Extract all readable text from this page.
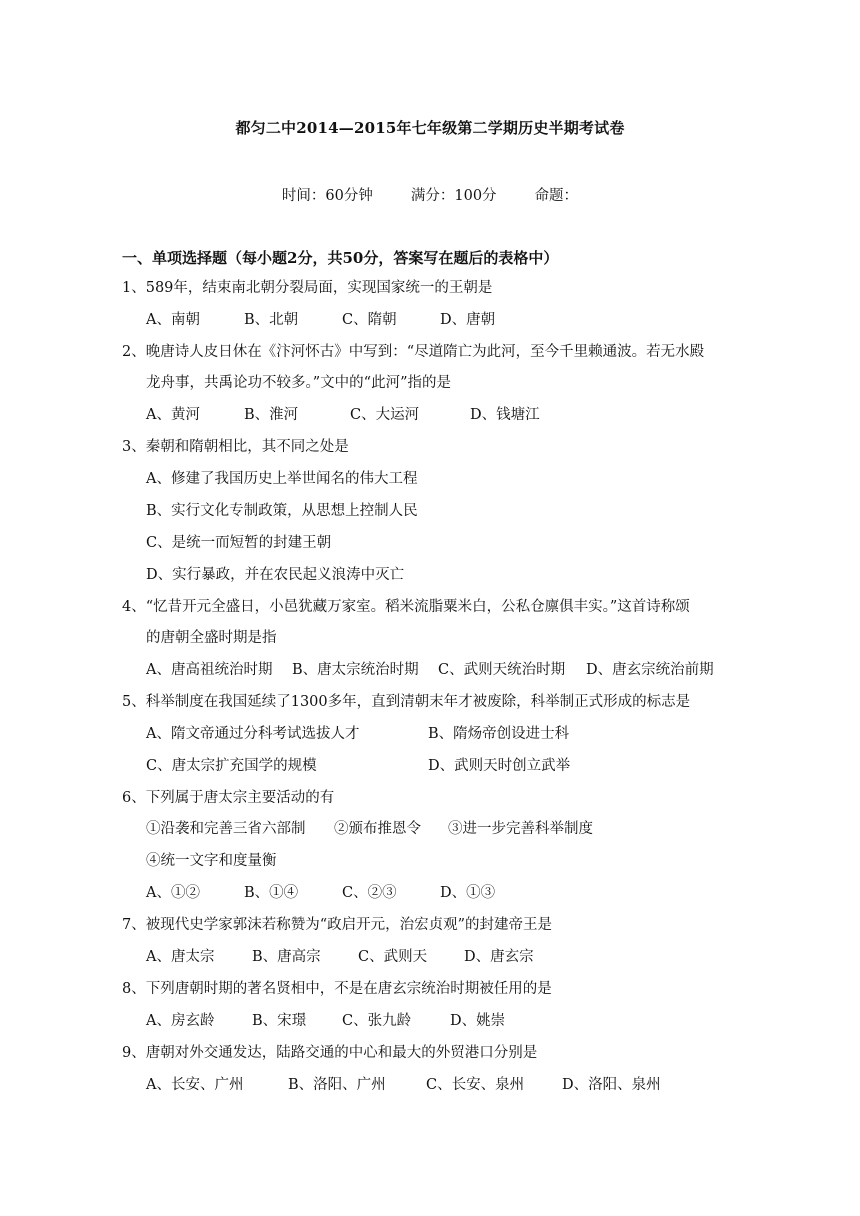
都匀二中2014—2015年七年级第二学期历史半期考试卷
时间：60分钟	满分：100分	命题：
一、单项选择题（每小题2分，共50分，答案写在题后的表格中）
1、589年，结束南北朝分裂局面，实现国家统一的王朝是
A、南朝	B、北朝	C、隋朝	D、唐朝
2、晚唐诗人皮日休在《汴河怀古》中写到：“尽道隋亡为此河，至今千里赖通波。若无水殿
龙舟事，共禹论功不较多。”文中的“此河”指的是
A、黄河	B、淮河	C、大运河	D、钱塘江
3、秦朝和隋朝相比，其不同之处是
A、修建了我国历史上举世闻名的伟大工程
B、实行文化专制政策，从思想上控制人民
C、是统一而短暂的封建王朝
D、实行暴政，并在农民起义浪涛中灭亡
4、“忆昔开元全盛日，小邑犹藏万家室。稻米流脂粟米白，公私仓廪俱丰实。”这首诗称颂
的唐朝全盛时期是指
A、唐高祖统治时期 B、唐太宗统治时期 C、武则天统治时期 D、唐玄宗统治前期
5、科举制度在我国延续了1300多年，直到清朝末年才被废除，科举制正式形成的标志是
A、隋文帝通过分科考试选拔人才	B、隋炀帝创设进士科
C、唐太宗扩充国学的规模	D、武则天时创立武举
6、下列属于唐太宗主要活动的有
①沿袭和完善三省六部制 ②颁布推恩令 ③进一步完善科举制度
④统一文字和度量衡
A、①②	B、①④	C、②③	D、①③
7、被现代史学家郭沫若称赞为“政启开元，治宏贞观”的封建帝王是
A、唐太宗	B、唐高宗	C、武则天	D、唐玄宗
8、下列唐朝时期的著名贤相中，不是在唐玄宗统治时期被任用的是
A、房玄龄	B、宋璟 C、张九龄	D、姚崇
9、唐朝对外交通发达，陆路交通的中心和最大的外贸港口分别是
A、长安、广州	B、洛阳、广州	C、长安、泉州	D、洛阳、泉州
